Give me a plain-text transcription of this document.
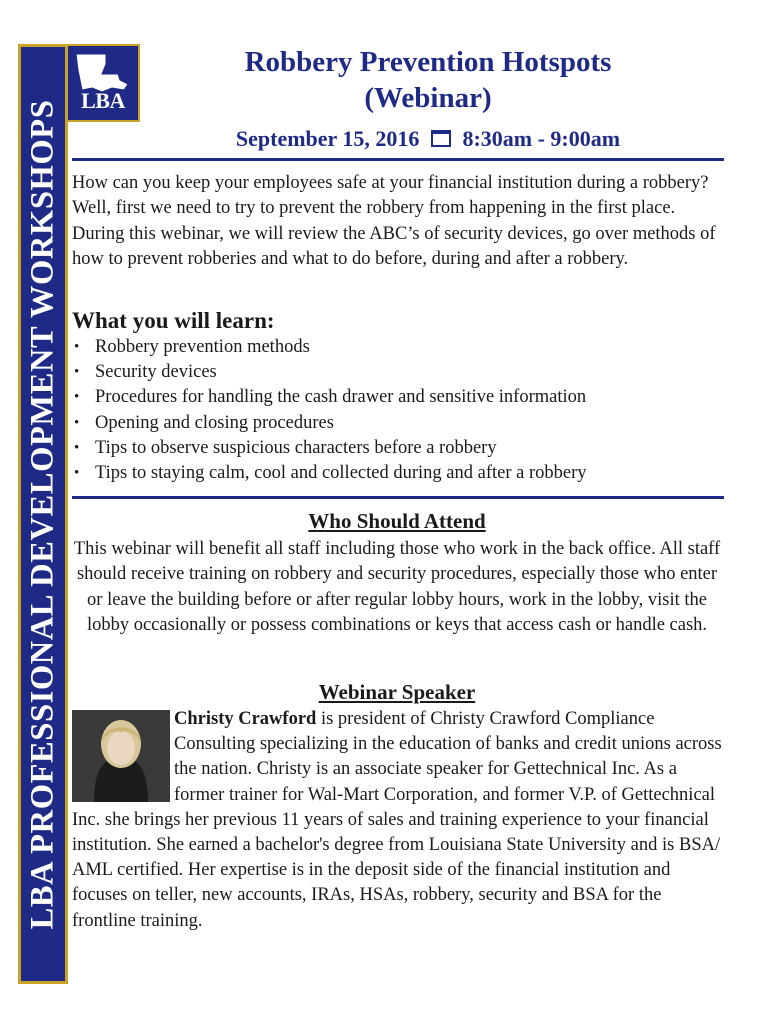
LBA PROFESSIONAL DEVELOPMENT WORKSHOPS LBA
Robbery Prevention Hotspots
(Webinar)
September 15, 2016 8:30am - 9:00am

How can you keep your employees safe at your financial institution during a robbery? Well, first we need to try to prevent the robbery from happening in the first place. During this webinar, we will review the ABC’s of security devices, go over methods of how to prevent robberies and what to do before, during and after a robbery.

What you will learn:
• Robbery prevention methods
• Security devices
• Procedures for handling the cash drawer and sensitive information
• Opening and closing procedures
• Tips to observe suspicious characters before a robbery
• Tips to staying calm, cool and collected during and after a robbery
Who Should Attend

This webinar will benefit all staff including those who work in the back office. All staff should receive training on robbery and security procedures, especially those who enter or leave the building before or after regular lobby hours, work in the lobby, visit the lobby occasionally or possess combinations or keys that access cash or handle cash.

Webinar Speaker
Christy Crawford is president of Christy Crawford Compliance Consulting specializing in the education of banks and credit unions across the nation. Christy is an associate speaker for Gettechnical Inc. As a former trainer for Wal-Mart Corporation, and former V.P. of Gettechnical Inc. she brings her previous 11 years of sales and training experience to your financial institution. She earned a bachelor's degree from Louisiana State University and is BSA/ AML certified. Her expertise is in the deposit side of the financial institution and focuses on teller, new accounts, IRAs, HSAs, robbery, security and BSA for the frontline training.
